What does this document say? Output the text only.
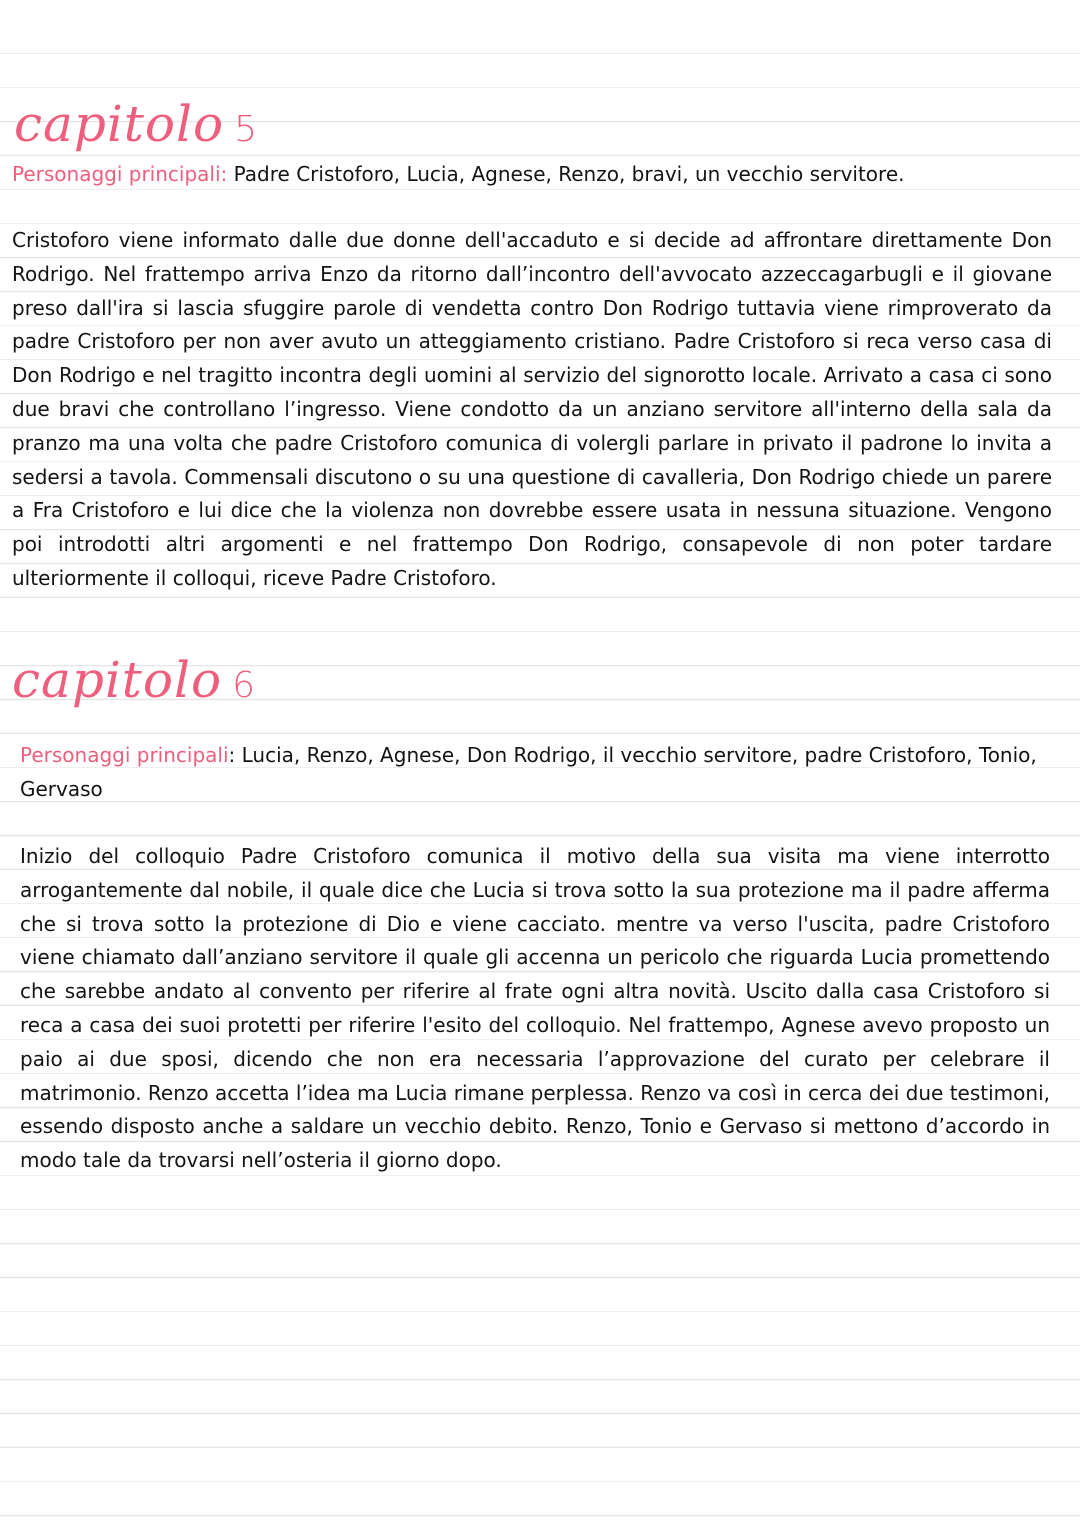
capitolo 5

Personaggi principali: Padre Cristoforo, Lucia, Agnese, Renzo, bravi, un vecchio servitore.

Cristoforo viene informato dalle due donne dell'accaduto e si decide ad affrontare direttamente Don Rodrigo. Nel frattempo arriva Enzo da ritorno dall’incontro dell'avvocato azzeccagarbugli e il giovane preso dall'ira si lascia sfuggire parole di vendetta contro Don Rodrigo tuttavia viene rimproverato da padre Cristoforo per non aver avuto un atteggiamento cristiano. Padre Cristoforo si reca verso casa di Don Rodrigo e nel tragitto incontra degli uomini al servizio del signorotto locale. Arrivato a casa ci sono due bravi che controllano l’ingresso. Viene condotto da un anziano servitore all'interno della sala da pranzo ma una volta che padre Cristoforo comunica di volergli parlare in privato il padrone lo invita a sedersi a tavola. Commensali discutono o su una questione di cavalleria, Don Rodrigo chiede un parere a Fra Cristoforo e lui dice che la violenza non dovrebbe essere usata in nessuna situazione. Vengono poi introdotti altri argomenti e nel frattempo Don Rodrigo, consapevole di non poter tardare ulteriormente il colloqui, riceve Padre Cristoforo.

capitolo 6

Personaggi principali: Lucia, Renzo, Agnese, Don Rodrigo, il vecchio servitore, padre Cristoforo, Tonio, Gervaso

Inizio del colloquio Padre Cristoforo comunica il motivo della sua visita ma viene interrotto arrogantemente dal nobile, il quale dice che Lucia si trova sotto la sua protezione ma il padre afferma che si trova sotto la protezione di Dio e viene cacciato. mentre va verso l'uscita, padre Cristoforo viene chiamato dall’anziano servitore il quale gli accenna un pericolo che riguarda Lucia promettendo che sarebbe andato al convento per riferire al frate ogni altra novità. Uscito dalla casa Cristoforo si reca a casa dei suoi protetti per riferire l'esito del colloquio. Nel frattempo, Agnese avevo proposto un paio ai due sposi, dicendo che non era necessaria l’approvazione del curato per celebrare il matrimonio. Renzo accetta l’idea ma Lucia rimane perplessa. Renzo va così in cerca dei due testimoni, essendo disposto anche a saldare un vecchio debito. Renzo, Tonio e Gervaso si mettono d’accordo in modo tale da trovarsi nell’osteria il giorno dopo.
